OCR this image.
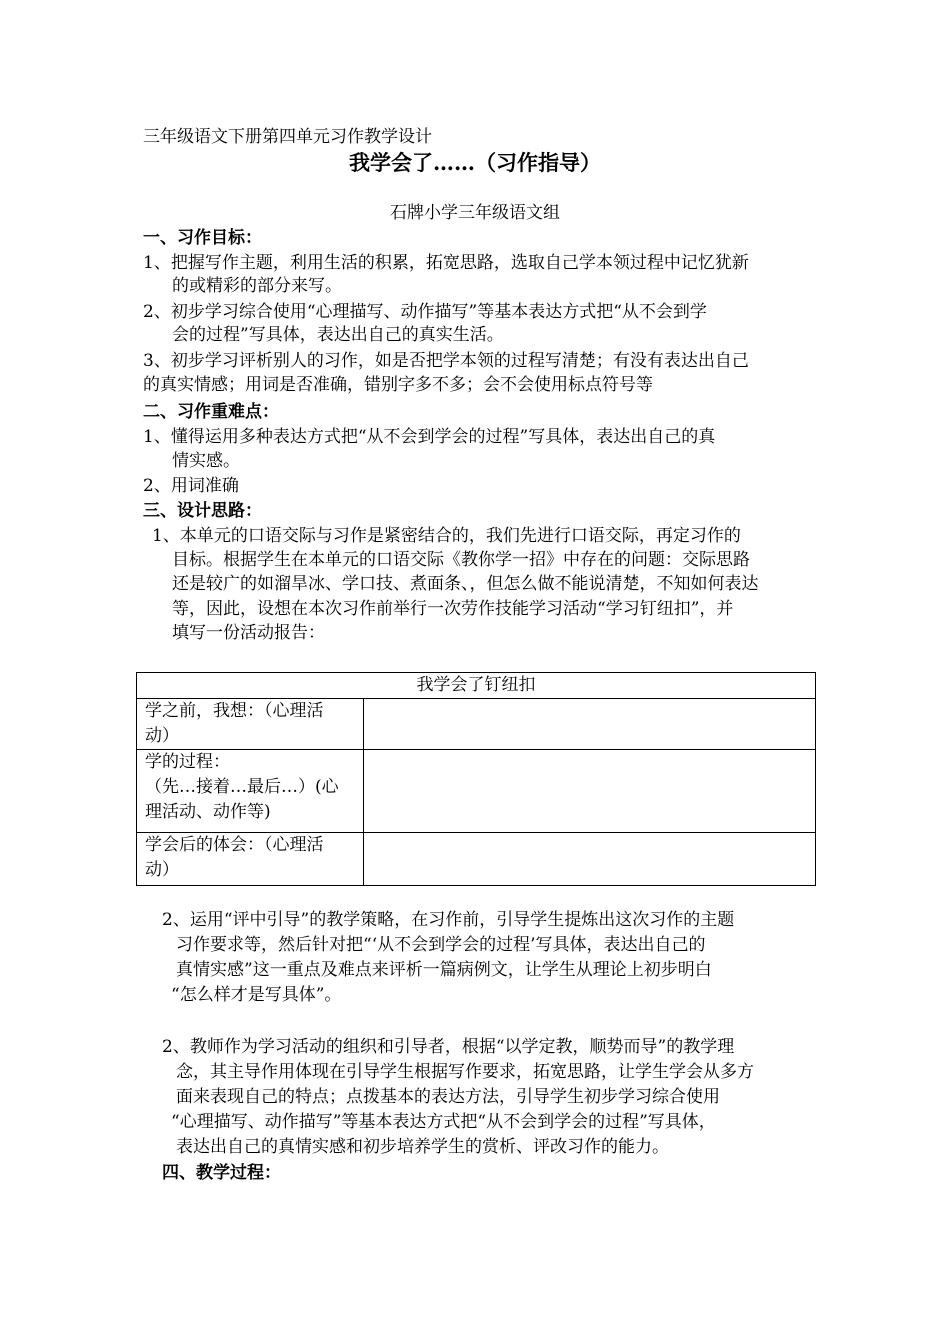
三年级语文下册第四单元习作教学设计
我学会了……（习作指导）
石牌小学三年级语文组
一、习作目标：
1、把握写作主题，利用生活的积累，拓宽思路，选取自己学本领过程中记忆犹新
的或精彩的部分来写。
2、初步学习综合使用“心理描写、动作描写”等基本表达方式把“从不会到学
会的过程”写具体，表达出自己的真实生活。
3、初步学习评析别人的习作，如是否把学本领的过程写清楚；有没有表达出自己
的真实情感；用词是否准确，错别字多不多；会不会使用标点符号等
二、习作重难点：
1、懂得运用多种表达方式把“从不会到学会的过程”写具体，表达出自己的真
情实感。
2、用词准确
三、设计思路：
1、本单元的口语交际与习作是紧密结合的，我们先进行口语交际，再定习作的
目标。根据学生在本单元的口语交际《教你学一招》中存在的问题：交际思路
还是较广的如溜旱冰、学口技、煮面条、，但怎么做不能说清楚，不知如何表达
等，因此，设想在本次习作前举行一次劳作技能学习活动“学习钉纽扣”，并
填写一份活动报告：
我学会了钉纽扣	

学之前，我想：（心理活
动）	

学的过程：
（先…接着…最后…）(心
理活动、动作等)	

学会后的体会：（心理活
动）	

2、运用“评中引导”的教学策略，在习作前，引导学生提炼出这次习作的主题
习作要求等，然后针对把“‘从不会到学会的过程’写具体，表达出自己的
真情实感”这一重点及难点来评析一篇病例文，让学生从理论上初步明白
“怎么样才是写具体”。
2、教师作为学习活动的组织和引导者，根据“以学定教，顺势而导”的教学理
念，其主导作用体现在引导学生根据写作要求，拓宽思路，让学生学会从多方
面来表现自己的特点；点拨基本的表达方法，引导学生初步学习综合使用
“心理描写、动作描写”等基本表达方式把“从不会到学会的过程”写具体，
表达出自己的真情实感和初步培养学生的赏析、评改习作的能力。
四、教学过程：
